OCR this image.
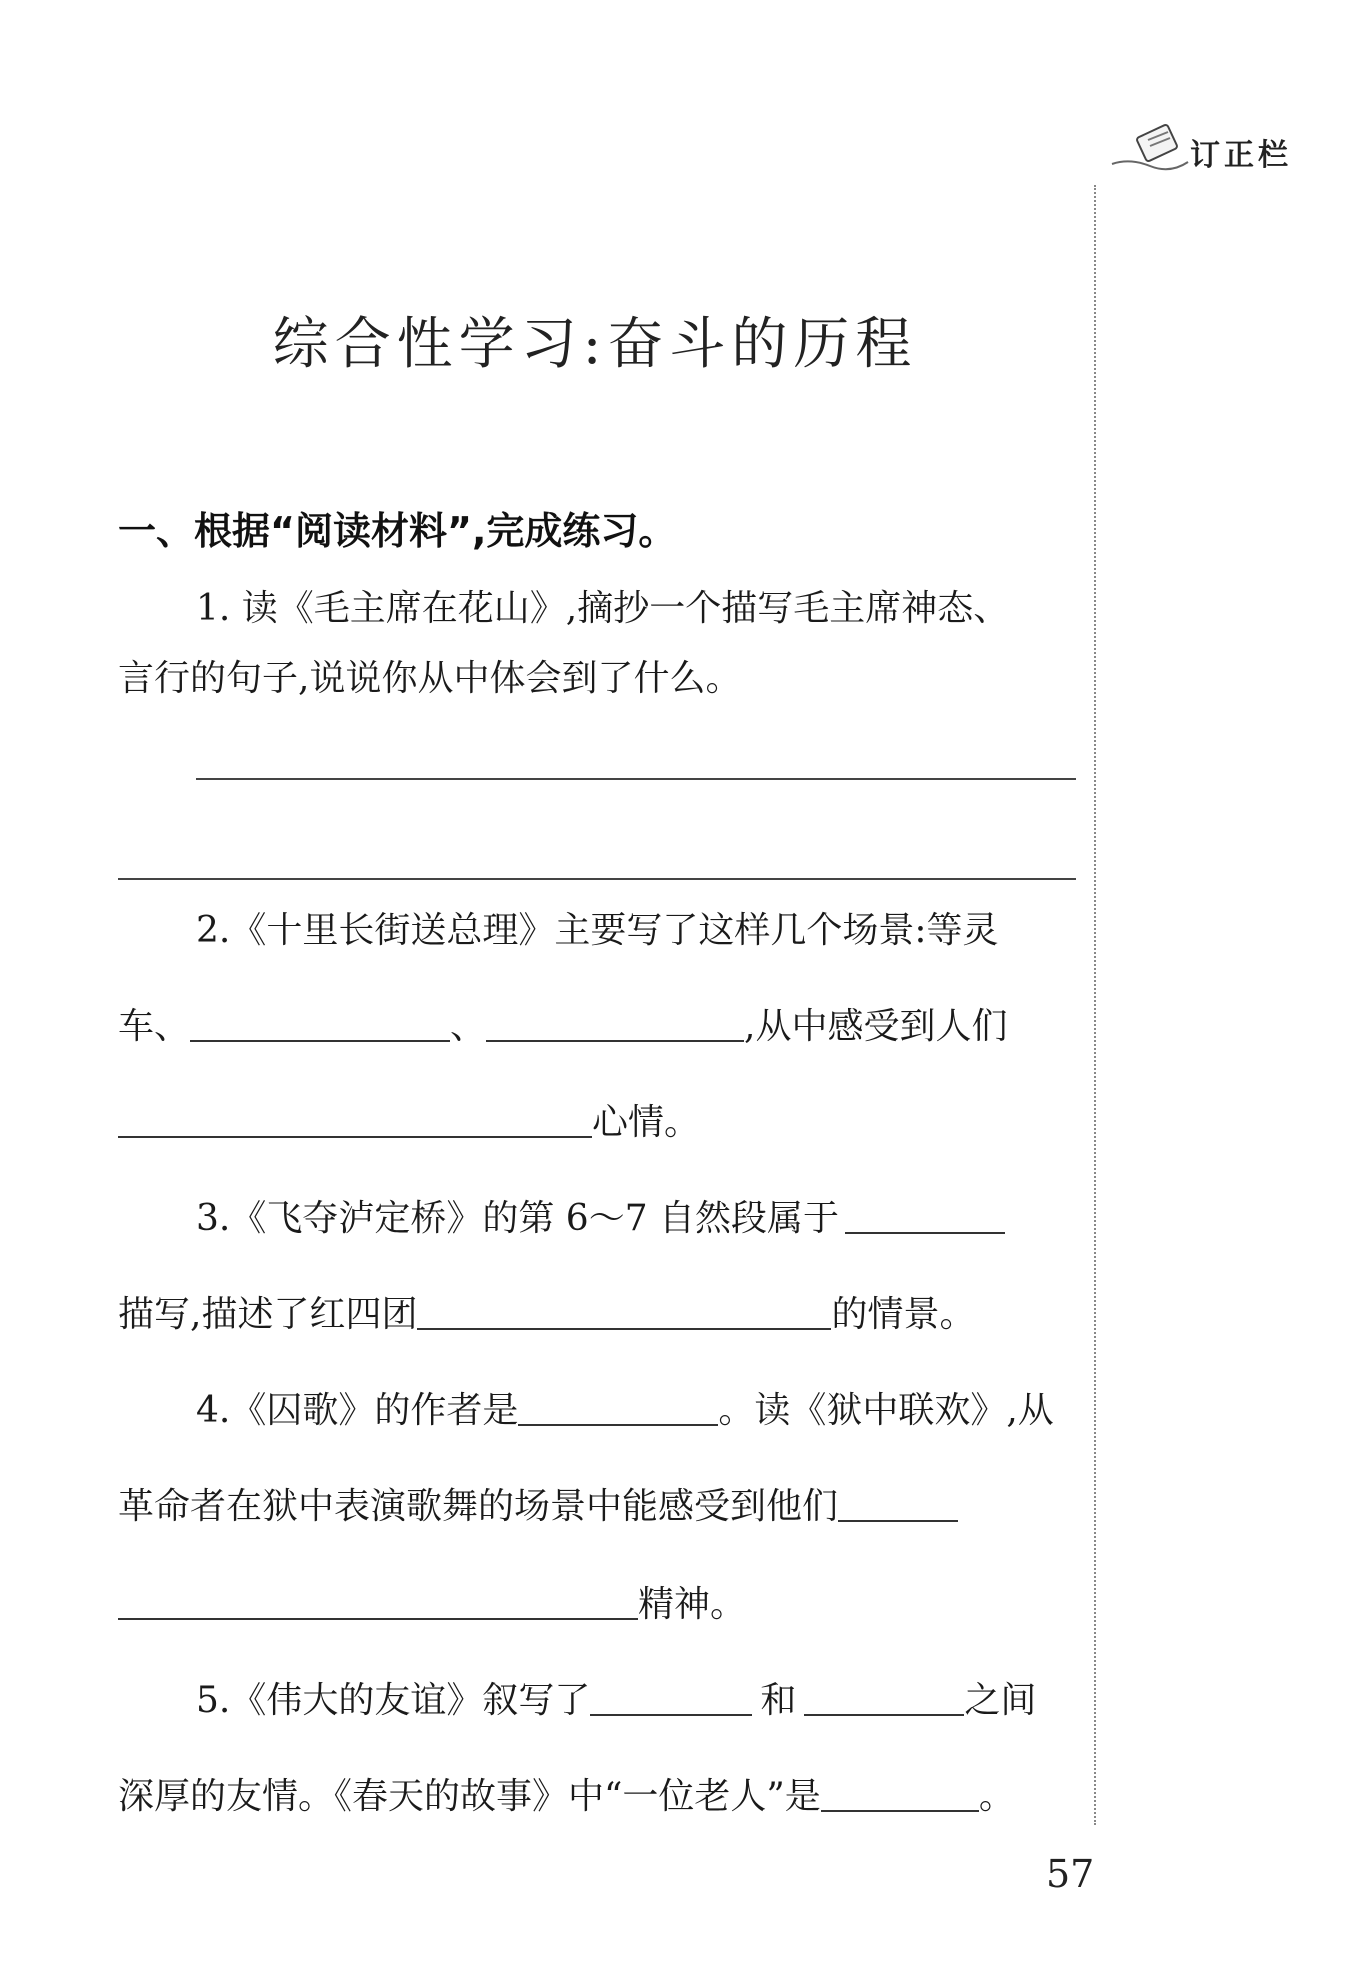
订正栏
综合性学习:奋斗的历程
一、根据“阅读材料”,完成练习。
1. 读《毛主席在花山》,摘抄一个描写毛主席神态、
言行的句子,说说你从中体会到了什么。
2.《十里长街送总理》主要写了这样几个场景:等灵
车、	、	,从中感受到人们
心情。
3.《飞夺泸定桥》的第 6～7 自然段属于
描写,描述了红四团	的情景。
4.《囚歌》的作者是	。读《狱中联欢》,从
革命者在狱中表演歌舞的场景中能感受到他们
精神。
5.《伟大的友谊》叙写了	和	之间
深厚的友情。《春天的故事》中“一位老人”是	。
57
